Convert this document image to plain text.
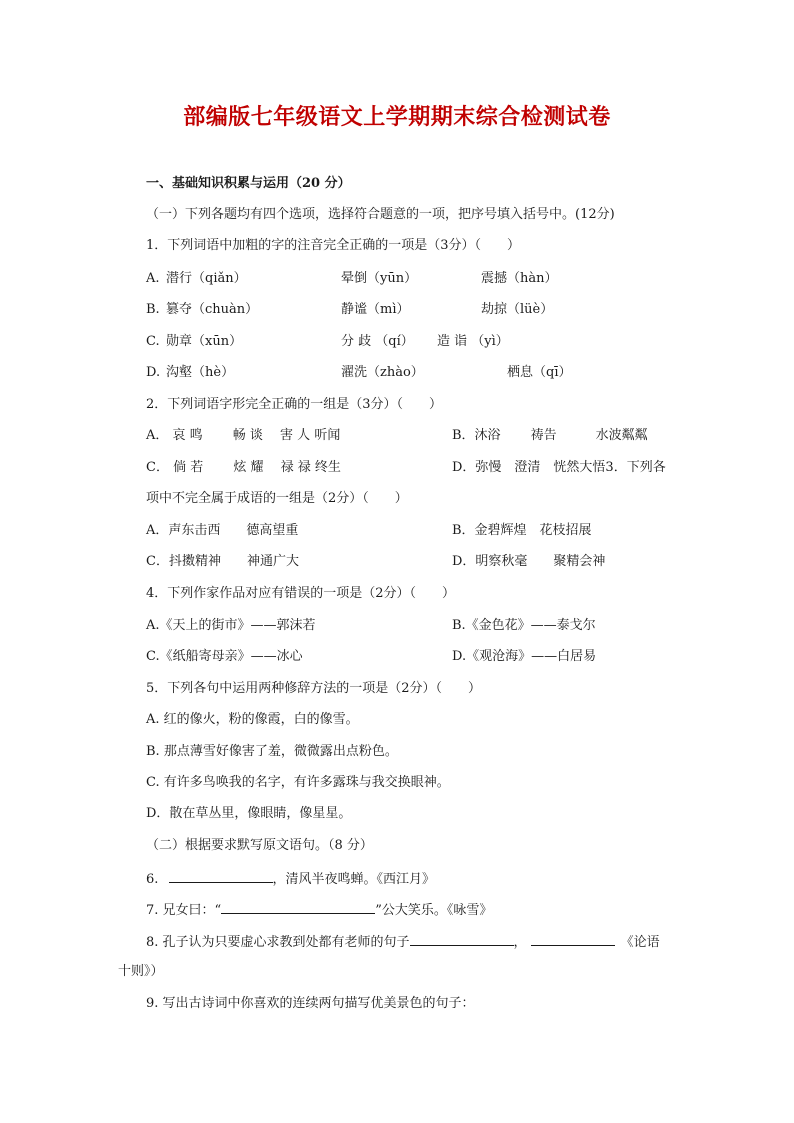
部编版七年级语文上学期期末综合检测试卷
一、基础知识积累与运用（20 分）
（一）下列各题均有四个选项，选择符合题意的一项，把序号填入括号中。(12分)
1．下列词语中加粗的字的注音完全正确的一项是（3分）（　　）
A. 潜行（qiǎn）	晕倒（yūn）	震撼（hàn）
B. 篡夺（chuàn）	静谧（mì）	劫掠（lüè）
C. 勋章（xūn）	分 歧 （qí） 造 诣 （yì）
D. 沟壑（hè）	濯洗（zhào）	栖息（qī）
2．下列词语字形完全正确的一组是（3分）（　　）
A． 哀 鸣　　 畅 谈　 害 人 听闻	B．沐浴　　 祷告　　　水波粼粼
C． 倘 若　　 炫 耀　 禄 禄 终生	D．弥慢　澄清　恍然大悟3．下列各
项中不完全属于成语的一组是（2分）（　　）
A．声东击西　　德高望重	B．金碧辉煌　花枝招展
C．抖擞精神　　神通广大	D．明察秋毫　　聚精会神
4．下列作家作品对应有错误的一项是（2分）（　　）
A.《天上的街市》——郭沫若	B.《金色花》——泰戈尔
C.《纸船寄母亲》——冰心	D.《观沧海》——白居易
5．下列各句中运用两种修辞方法的一项是（2分）（　　）
A. 红的像火，粉的像霞，白的像雪。
B. 那点薄雪好像害了羞，微微露出点粉色。
C. 有许多鸟唤我的名字，有许多露珠与我交换眼神。
D．散在草丛里，像眼睛，像星星。
（二）根据要求默写原文语句。（8 分）
6.	，清风半夜鸣蝉。《西江月》
7. 兄女曰：“	”公大笑乐。《咏雪》
8. 孔子认为只要虚心求教到处都有老师的句子	，	《论语
十则》）
9. 写出古诗词中你喜欢的连续两句描写优美景色的句子：
